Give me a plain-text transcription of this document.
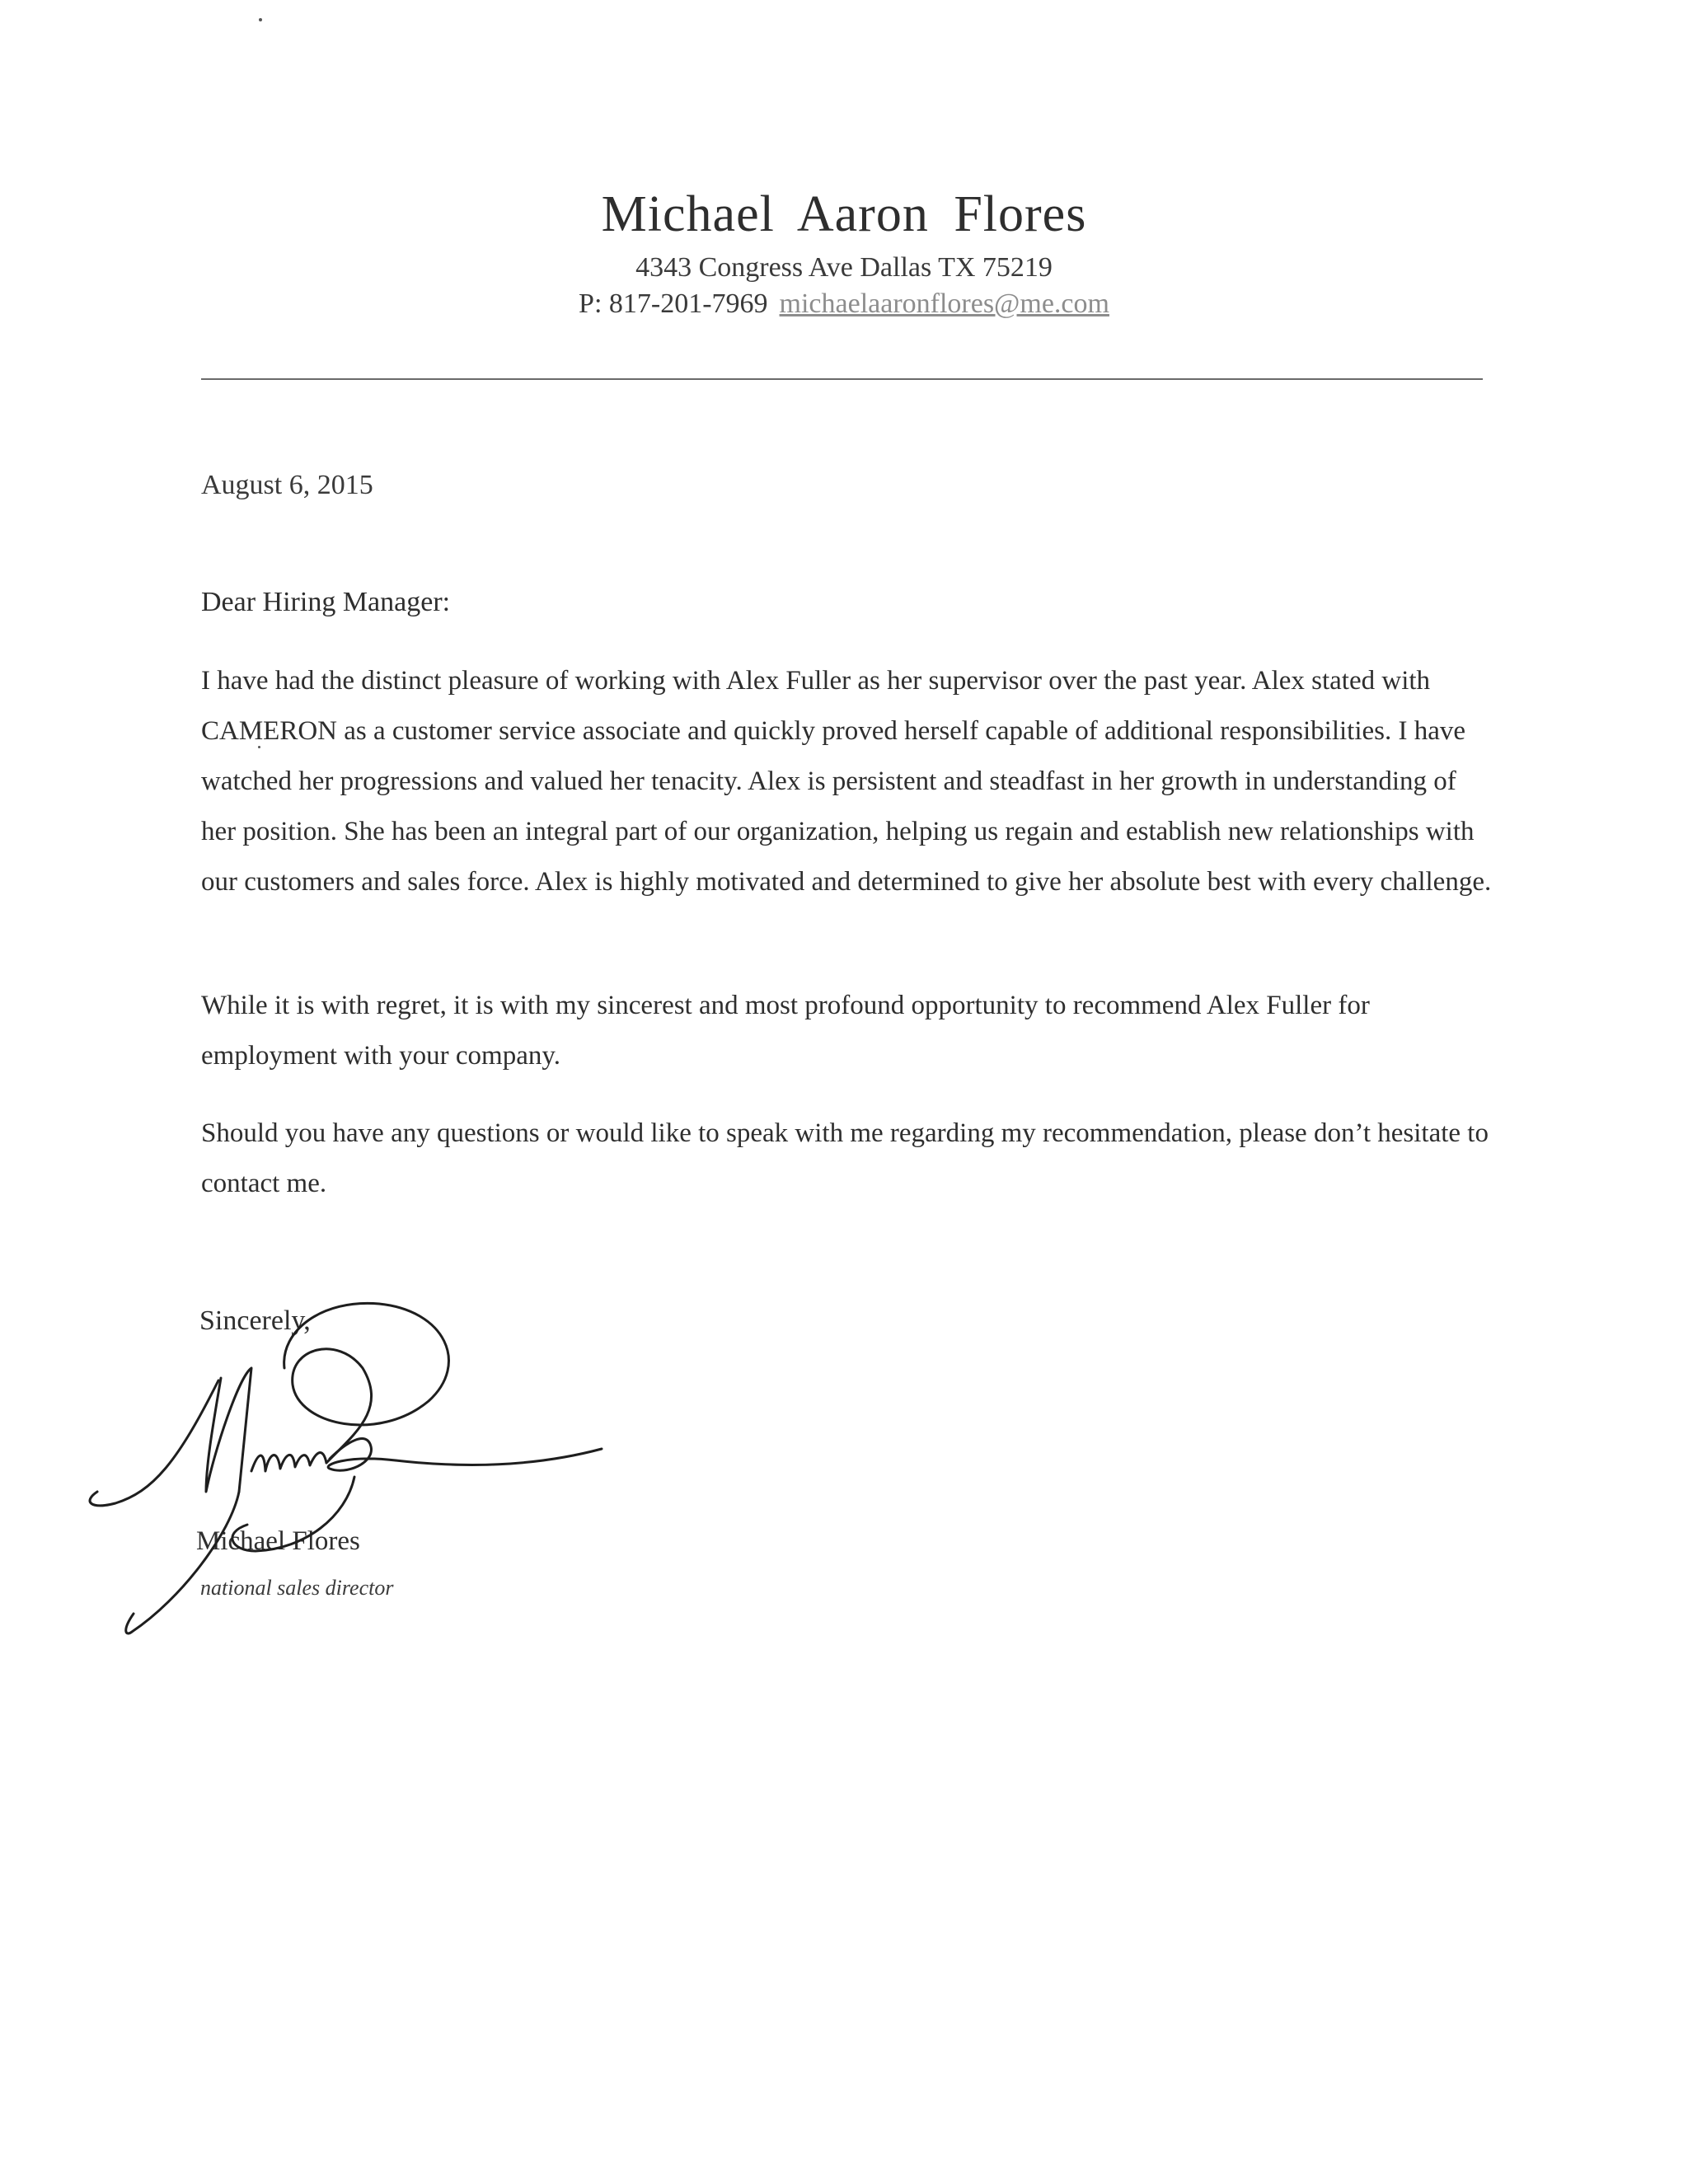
Michael Aaron Flores
4343 Congress Ave Dallas TX 75219
P: 817-201-7969 michaelaaronflores@me.com
August 6, 2015
Dear Hiring Manager:

I have had the distinct pleasure of working with Alex Fuller as her supervisor over the past year. Alex stated with CAMERON as a customer service associate and quickly proved herself capable of additional responsibilities. I have watched her progressions and valued her tenacity. Alex is persistent and steadfast in her growth in understanding of her position. She has been an integral part of our organization, helping us regain and establish new relationships with our customers and sales force. Alex is highly motivated and determined to give her absolute best with every challenge.

While it is with regret, it is with my sincerest and most profound opportunity to recommend Alex Fuller for employment with your company.

Should you have any questions or would like to speak with me regarding my recommendation, please don’t hesitate to contact me.

Sincerely,
Michael Flores
national sales director
